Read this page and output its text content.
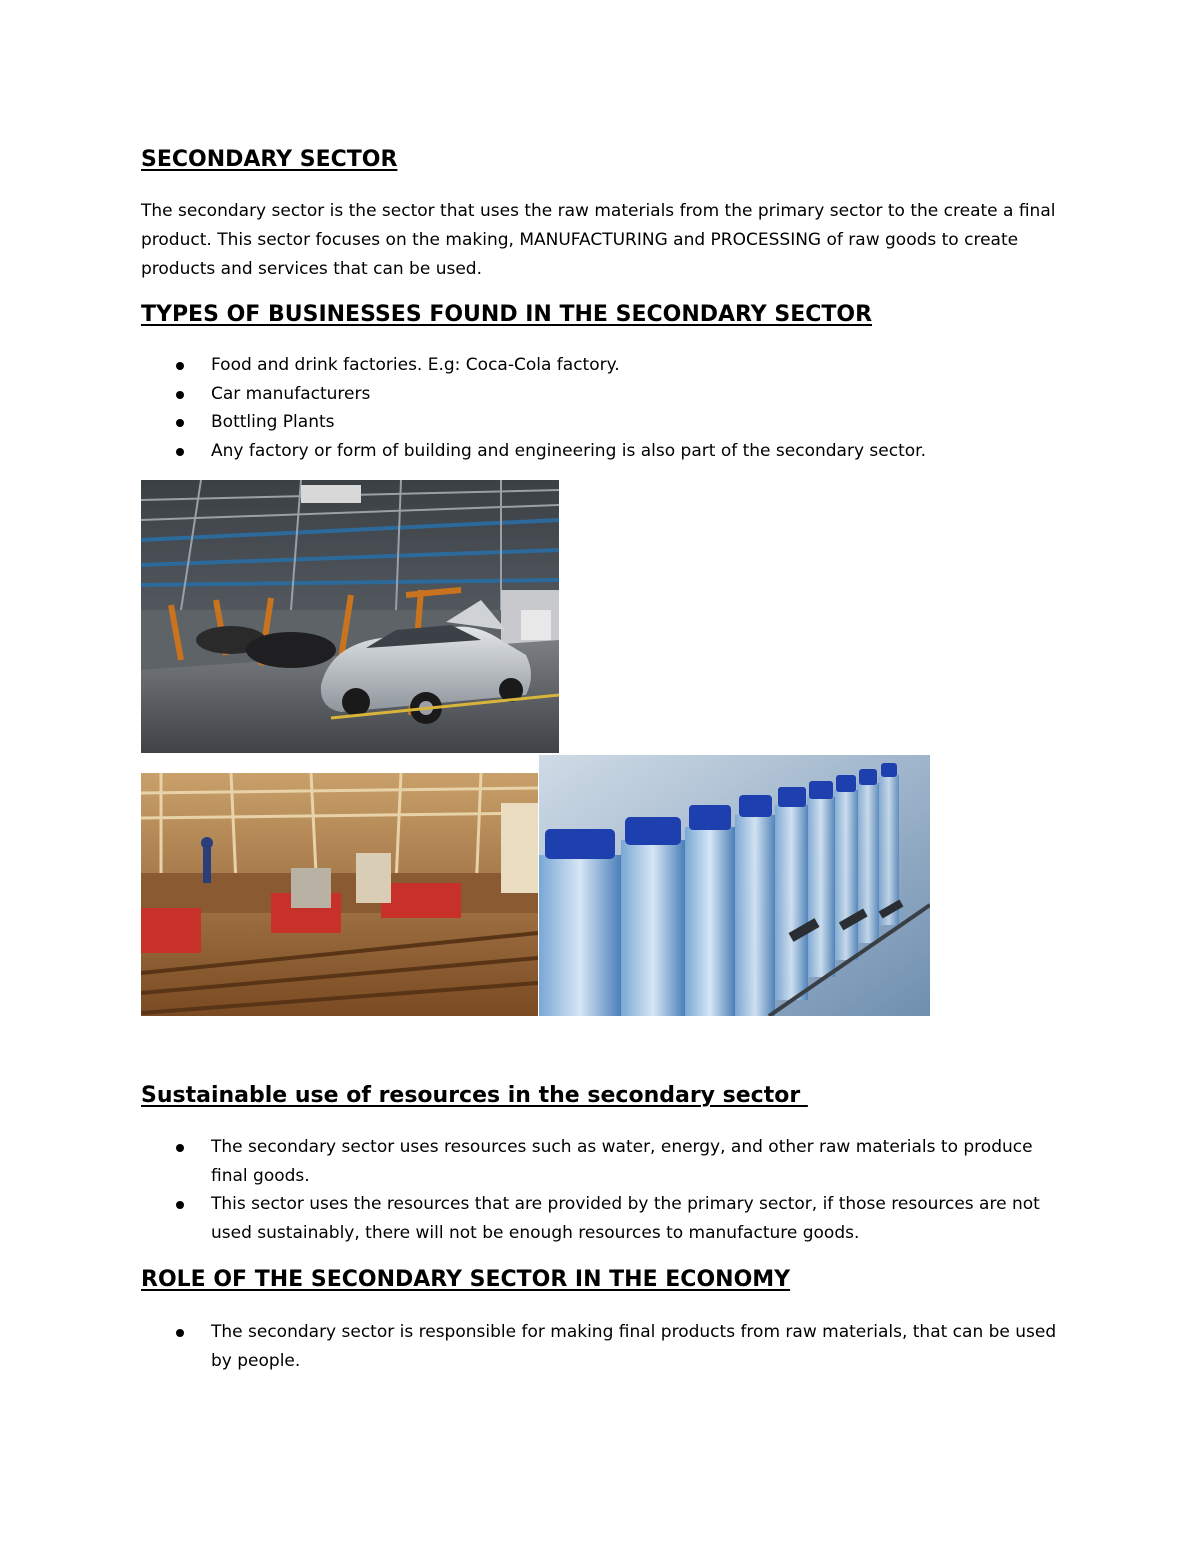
SECONDARY SECTOR

The secondary sector is the sector that uses the raw materials from the primary sector to the create a final product. This sector focuses on the making, MANUFACTURING and PROCESSING of raw goods to create products and services that can be used.

TYPES OF BUSINESSES FOUND IN THE SECONDARY SECTOR
Food and drink factories. E.g: Coca-Cola factory.
Car manufacturers
Bottling Plants
Any factory or form of building and engineering is also part of the secondary sector.
Sustainable use of resources in the secondary sector
The secondary sector uses resources such as water, energy, and other raw materials to produce final goods.
This sector uses the resources that are provided by the primary sector, if those resources are not used sustainably, there will not be enough resources to manufacture goods.
ROLE OF THE SECONDARY SECTOR IN THE ECONOMY
The secondary sector is responsible for making final products from raw materials, that can be used by people.
